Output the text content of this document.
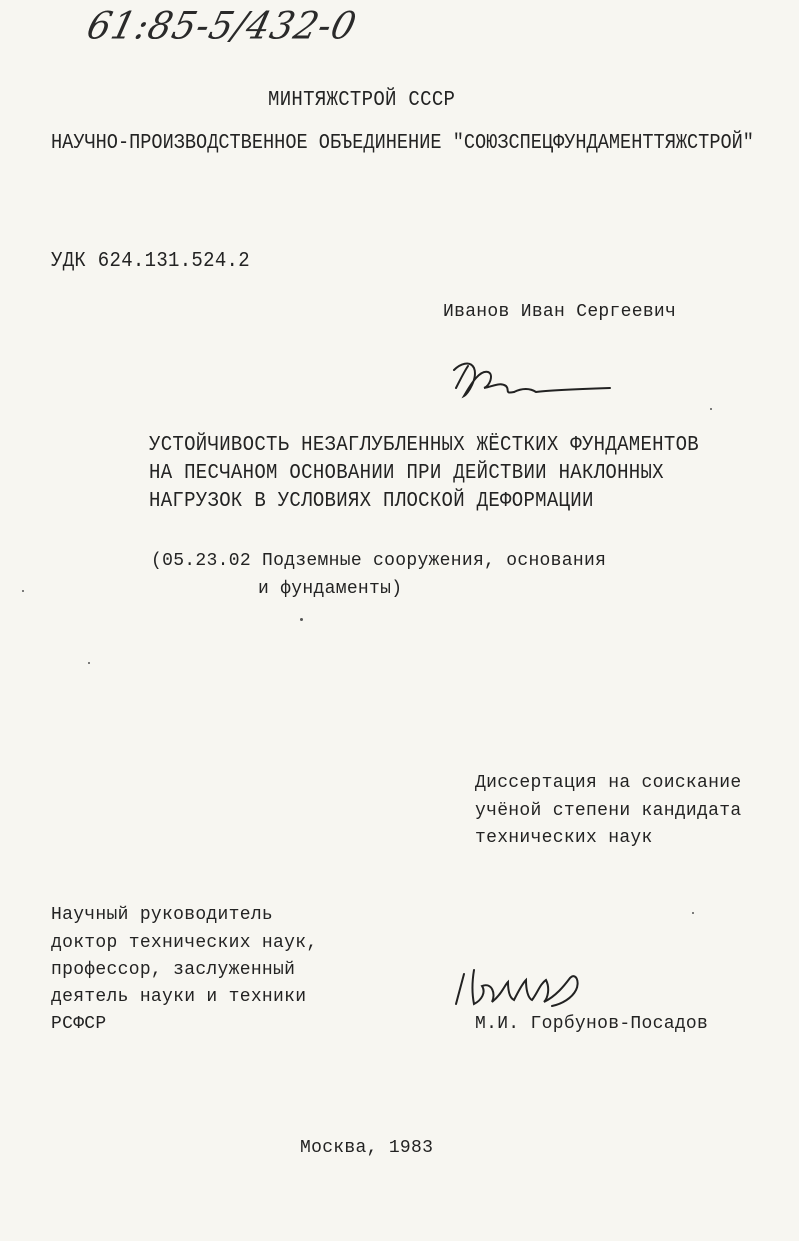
61:85-5/432-0
МИНТЯЖСТРОЙ СССР
НАУЧНО-ПРОИЗВОДСТВЕННОЕ ОБЪЕДИНЕНИЕ "СОЮЗСПЕЦФУНДАМЕНТТЯЖСТРОЙ"
УДК 624.131.524.2
Иванов Иван Сергеевич
УСТОЙЧИВОСТЬ НЕЗАГЛУБЛЕННЫХ ЖЁСТКИХ ФУНДАМЕНТОВ
НА ПЕСЧАНОМ ОСНОВАНИИ ПРИ ДЕЙСТВИИ НАКЛОННЫХ
НАГРУЗОК В УСЛОВИЯХ ПЛОСКОЙ ДЕФОРМАЦИИ
(05.23.02 Подземные сооружения, основания
и фундаменты)
Диссертация на соискание
учёной степени кандидата
технических наук
Научный руководитель
доктор технических наук,
профессор, заслуженный
деятель науки и техники
РСФСР	М.И. Горбунов-Посадов
Москва, 1983
